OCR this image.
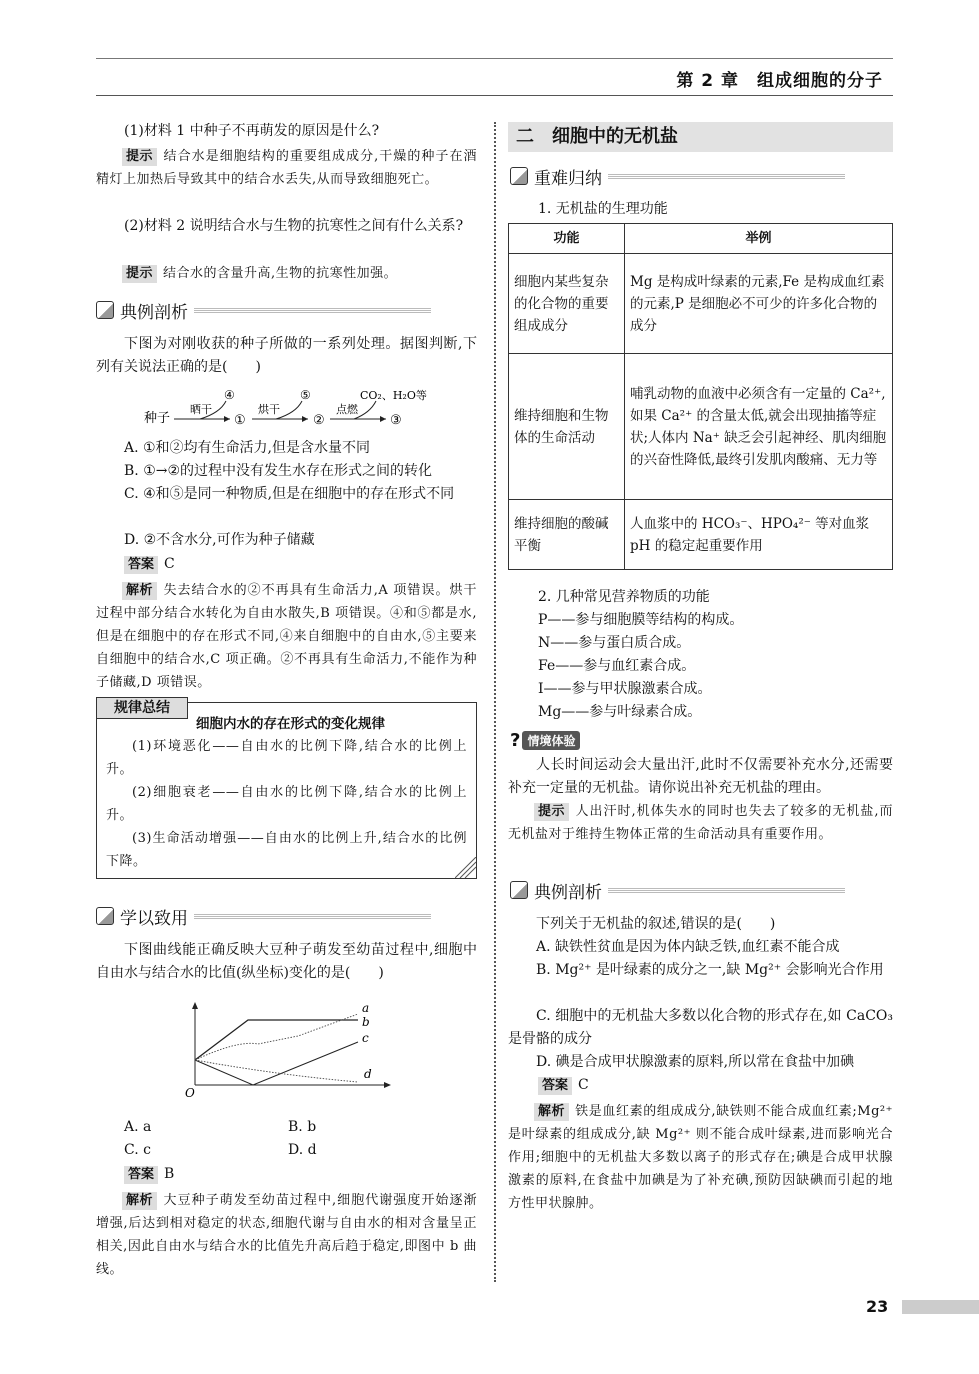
第 2 章　组成细胞的分子
(1)材料 1 中种子不再萌发的原因是什么?
提示 结合水是细胞结构的重要组成成分,干燥的种子在酒精灯上加热后导致其中的结合水丢失,从而导致细胞死亡。
(2)材料 2 说明结合水与生物的抗寒性之间有什么关系?
提示 结合水的含量升高,生物的抗寒性加强。
典例剖析
下图为对刚收获的种子所做的一系列处理。据图判断,下列有关说法正确的是(　　)
种子
晒干
④
①
烘干
⑤
②
点燃
CO₂、H₂O等
③
A. ①和②均有生命活力,但是含水量不同
B. ①→②的过程中没有发生水存在形式之间的转化
C. ④和⑤是同一种物质,但是在细胞中的存在形式不同
D. ②不含水分,可作为种子储藏
答案 C
解析 失去结合水的②不再具有生命活力,A 项错误。烘干过程中部分结合水转化为自由水散失,B 项错误。④和⑤都是水,但是在细胞中的存在形式不同,④来自细胞中的自由水,⑤主要来自细胞中的结合水,C 项正确。②不再具有生命活力,不能作为种子储藏,D 项错误。
规律总结
细胞内水的存在形式的变化规律
(1)环境恶化——自由水的比例下降,结合水的比例上升。
(2)细胞衰老——自由水的比例下降,结合水的比例上升。
(3)生命活动增强——自由水的比例上升,结合水的比例下降。
学以致用
下图曲线能正确反映大豆种子萌发至幼苗过程中,细胞中自由水与结合水的比值(纵坐标)变化的是(　　)
O
a
b
c
d
A. a	B. b
C. c	D. d
答案 B
解析 大豆种子萌发至幼苗过程中,细胞代谢强度开始逐渐增强,后达到相对稳定的状态,细胞代谢与自由水的相对含量呈正相关,因此自由水与结合水的比值先升高后趋于稳定,即图中 b 曲线。
二　细胞中的无机盐
重难归纳
1. 无机盐的生理功能
功能	举例
细胞内某些复杂的化合物的重要组成成分	Mg 是构成叶绿素的元素,Fe 是构成血红素的元素,P 是细胞必不可少的许多化合物的成分
维持细胞和生物体的生命活动	哺乳动物的血液中必须含有一定量的 Ca²⁺,如果 Ca²⁺ 的含量太低,就会出现抽搐等症状;人体内 Na⁺ 缺乏会引起神经、肌肉细胞的兴奋性降低,最终引发肌肉酸痛、无力等
维持细胞的酸碱平衡	人血浆中的 HCO₃⁻、HPO₄²⁻ 等对血浆 pH 的稳定起重要作用
2. 几种常见营养物质的功能
P——参与细胞膜等结构的构成。
N——参与蛋白质合成。
Fe——参与血红素合成。
I——参与甲状腺激素合成。
Mg——参与叶绿素合成。
? 情境体验
人长时间运动会大量出汗,此时不仅需要补充水分,还需要补充一定量的无机盐。请你说出补充无机盐的理由。
提示 人出汗时,机体失水的同时也失去了较多的无机盐,而无机盐对于维持生物体正常的生命活动具有重要作用。
典例剖析
下列关于无机盐的叙述,错误的是(　　)
A. 缺铁性贫血是因为体内缺乏铁,血红素不能合成
B. Mg²⁺ 是叶绿素的成分之一,缺 Mg²⁺ 会影响光合作用
C. 细胞中的无机盐大多数以化合物的形式存在,如 CaCO₃ 是骨骼的成分
D. 碘是合成甲状腺激素的原料,所以常在食盐中加碘
答案 C
解析 铁是血红素的组成成分,缺铁则不能合成血红素;Mg²⁺ 是叶绿素的组成成分,缺 Mg²⁺ 则不能合成叶绿素,进而影响光合作用;细胞中的无机盐大多数以离子的形式存在;碘是合成甲状腺激素的原料,在食盐中加碘是为了补充碘,预防因缺碘而引起的地方性甲状腺肿。
23
